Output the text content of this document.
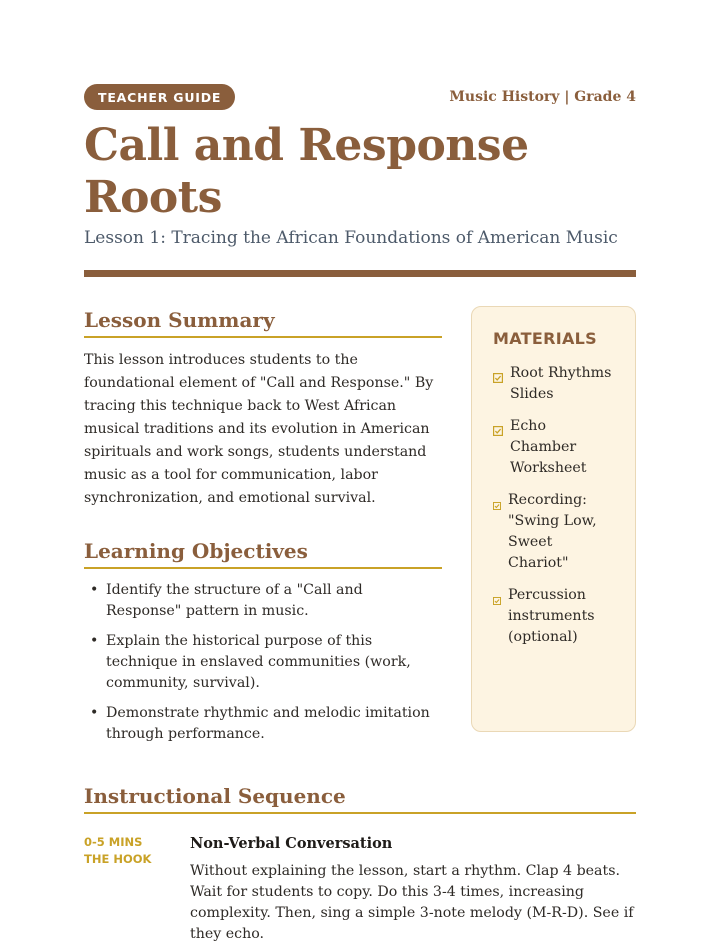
TEACHER GUIDE	Music History | Grade 4
Call and Response Roots
Lesson 1: Tracing the African Foundations of American Music
Lesson Summary

This lesson introduces students to the foundational element of "Call and Response." By tracing this technique back to West African musical traditions and its evolution in American spirituals and work songs, students understand music as a tool for communication, labor synchronization, and emotional survival.

Learning Objectives
• Identify the structure of a "Call and Response" pattern in music.
• Explain the historical purpose of this technique in enslaved communities (work, community, survival).
• Demonstrate rhythmic and melodic imitation through performance.
MATERIALS
Root Rhythms Slides
Echo Chamber Worksheet
Recording: "Swing Low, Sweet Chariot"
Percussion instruments (optional)
Instructional Sequence
0-5 MINS
THE HOOK
Non-Verbal Conversation

Without explaining the lesson, start a rhythm. Clap 4 beats. Wait for students to copy. Do this 3-4 times, increasing complexity. Then, sing a simple 3-note melody (M-R-D). See if they echo.
